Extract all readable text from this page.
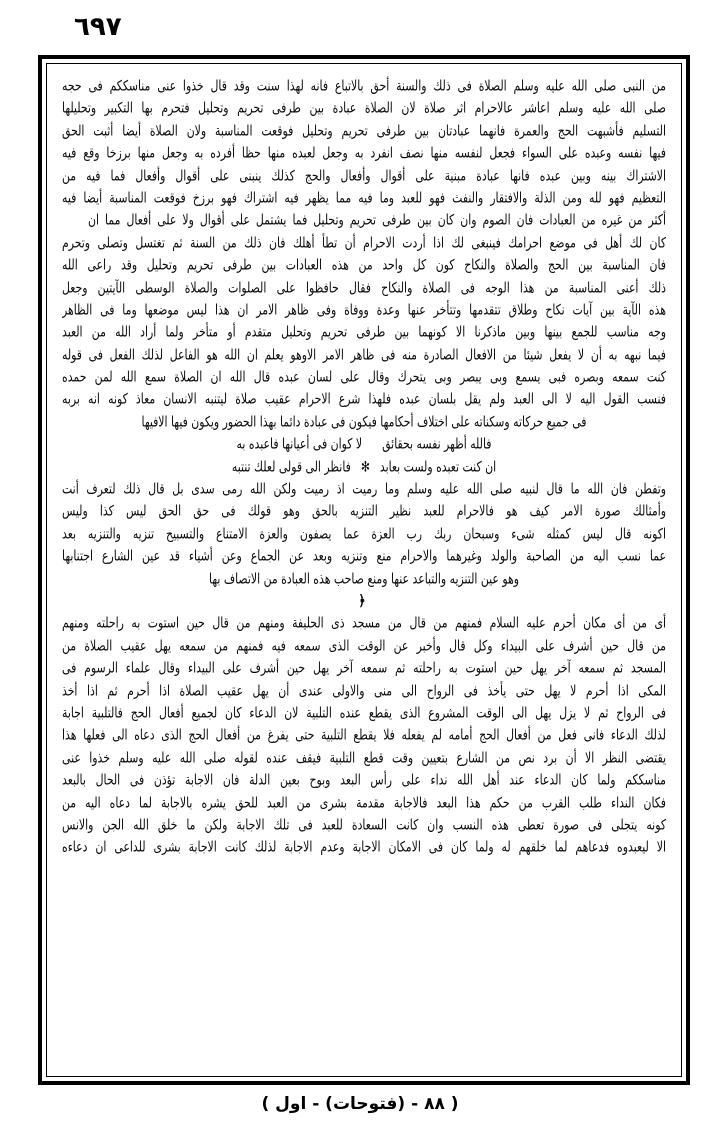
٦٩٧
من النبى صلى الله عليه وسلم الصلاة فى ذلك والسنة أحق بالاتباع فانه لهذا سنت وقد قال خذوا عنى مناسككم فى حجه
صلى الله عليه وسلم اعاشر عالاحرام اثر صلاة لان الصلاة عبادة بين طرفى تحريم وتحليل فتحرم بها التكبير وتحليلها
التسليم فأشبهت الحج والعمرة فانهما عبادتان بين طرفى تحريم وتحليل فوقعت المناسبة ولان الصلاة أيضا أثبت الحق
فيها نفسه وعبده على السواء فجعل لنفسه منها نصف انفرد به وجعل لعبده منها حظا أفرده به وجعل منها برزخا وقع فيه
الاشتراك بينه وبين عبده فانها عبادة مبنية على أقوال وأفعال والحج كذلك ينبنى على أقوال وأفعال فما فيه من
التعظيم فهو لله ومن الذلة والافتقار والنفث فهو للعبد وما فيه مما يظهر فيه اشتراك فهو برزخ فوقعت المناسبة أيضا فيه
أكثر من غيره من العبادات فان الصوم وان كان بين طرفى تحريم وتحليل فما يشتمل على أقوال ولا على أفعال مما ان
كان لك أهل فى موضع احرامك فينبغى لك اذا أردت الاحرام أن تطأ أهلك فان ذلك من السنة ثم تغتسل وتصلى وتحرم
فان المناسبة بين الحج والصلاة والنكاح كون كل واحد من هذه العبادات بين طرفى تحريم وتحليل وقد راعى الله
ذلك أعنى المناسبة من هذا الوجه فى الصلاة والنكاح فقال حافظوا على الصلوات والصلاة الوسطى الآيتين وجعل
هذه الآية بين آيات نكاح وطلاق تتقدمها وتتأخر عنها وعدة ووفاة وفى ظاهر الامر ان هذا ليس موضعها وما فى الظاهر
وجه مناسب للجمع بينها وبين ماذكرنا الا كونهما بين طرفى تحريم وتحليل متقدم أو متأخر ولما أراد الله من العبد
فيما نبهه به أن لا يفعل شيئا من الافعال الصادرة منه فى ظاهر الامر الاوهو يعلم ان الله هو الفاعل لذلك الفعل فى قوله
كنت سمعه وبصره فبى يسمع وبى يبصر وبى يتحرك وقال على لسان عبده قال الله ان الصلاة سمع الله لمن حمده
فنسب القول اليه لا الى العبد ولم يقل بلسان عبده فلهذا شرع الاحرام عقيب صلاة ليتنبه الانسان معاذ كونه انه بربه
فى جميع حركاته وسكناته على اختلاف أحكامها فيكون فى عبادة دائما بهذا الحضور ويكون فيها الافيها
فالله أظهر نفسه بحقائقلا كوان فى أعيانها فاعبده به
ان كنت تعبده ولست بعابد✻فانظر الى قولى لعلك تنتبه
وتفطن فان الله ما قال لنبيه صلى الله عليه وسلم وما رميت اذ رميت ولكن الله رمى سدى بل قال ذلك لتعرف أنت
وأمثالك صورة الامر كيف هو فالاحرام للعبد نظير التنزيه بالحق وهو قولك فى حق الحق ليس كذا وليس
اكونه قال ليس كمثله شىء وسبحان ربك رب العزة عما يصفون والعزة الامتناع والتسبيح تنزيه والتنزيه بعد
عما نسب اليه من الصاحبة والولد وغيرهما والاحرام منع وتنزيه وبعد عن الجماع وعن أشياء قد عين الشارع اجتنابها
وهو عين التنزيه والتباعد عنها ومنع صاحب هذه العبادة من الاتصاف بها
﴿
أى من أى مكان أحرم عليه السلام فمنهم من قال من مسجد ذى الحليفة ومنهم من قال حين استوت به راحلته ومنهم
من قال حين أشرف على البيداء وكل قال وأخبر عن الوقت الذى سمعه فيه فمنهم من سمعه يهل عقيب الصلاة من
المسجد ثم سمعه آخر يهل حين استوت به راحلته ثم سمعه آخر يهل حين أشرف على البيداء وقال علماء الرسوم فى
المكى اذا أحرم لا يهل حتى يأخذ فى الرواح الى منى والاولى عندى أن يهل عقيب الصلاة اذا أحرم ثم اذا أخذ
فى الرواح ثم لا يزل يهل الى الوقت المشروع الذى يقطع عنده التلبية لان الدعاء كان لجميع أفعال الحج فالتلبية اجابة
لذلك الدعاء فانى فعل من أفعال الحج أمامه لم يفعله فلا يقطع التلبية حتى يفرغ من أفعال الحج الذى دعاه الى فعلها هذا
يقتضى النظر الا أن برد نص من الشارع بتعيين وقت قطع التلبية فيقف عنده لقوله صلى الله عليه وسلم خذوا عنى
مناسككم ولما كان الدعاء عند أهل الله نداء على رأس البعد وبوح بعين الدلة فان الاجابة تؤذن فى الحال بالبعد
فكان النداء طلب القرب من حكم هذا البعد فالاجابة مقدمة بشرى من العبد للحق يشره بالاجابة لما دعاه اليه من
كونه يتجلى فى صورة تعطى هذه النسب وان كانت السعادة للعبد فى تلك الاجابة ولكن ما خلق الله الجن والانس
الا ليعبدوه فدعاهم لما خلقهم له ولما كان فى الامكان الاجابة وعدم الاجابة لذلك كانت الاجابة بشرى للداعى ان دعاءه
( ٨٨ - (فتوحات) - اول )
